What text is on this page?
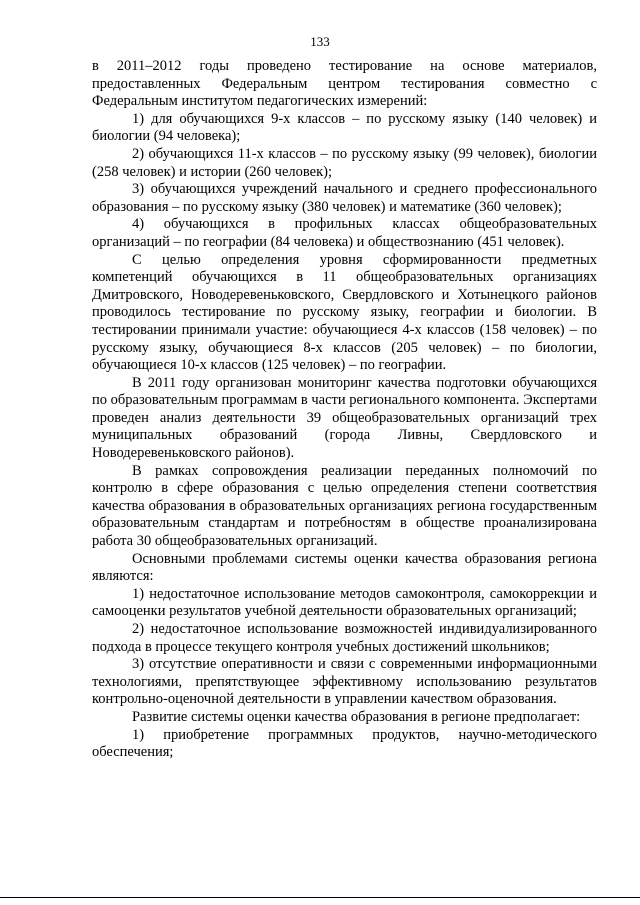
133

в 2011–2012 годы проведено тестирование на основе материалов, предоставленных Федеральным центром тестирования совместно с Федеральным институтом педагогических измерений:

1) для обучающихся 9-х классов – по русскому языку (140 человек) и биологии (94 человека);

2) обучающихся 11-х классов – по русскому языку (99 человек), биологии (258 человек) и истории (260 человек);

3) обучающихся учреждений начального и среднего профессионального образования – по русскому языку (380 человек) и математике (360 человек);

4) обучающихся в профильных классах общеобразовательных организаций – по географии (84 человека) и обществознанию (451 человек).

С целью определения уровня сформированности предметных компетенций обучающихся в 11 общеобразовательных организациях Дмитровского, Новодеревеньковского, Свердловского и Хотынецкого районов проводилось тестирование по русскому языку, географии и биологии. В тестировании принимали участие: обучающиеся 4-х классов (158 человек) – по русскому языку, обучающиеся 8-х классов (205 человек) – по биологии, обучающиеся 10-х классов (125 человек) – по географии.

В 2011 году организован мониторинг качества подготовки обучающихся по образовательным программам в части регионального компонента. Экспертами проведен анализ деятельности 39 общеобразовательных организаций трех муниципальных образований (города Ливны, Свердловского и Новодеревеньковского районов).

В рамках сопровождения реализации переданных полномочий по контролю в сфере образования с целью определения степени соответствия качества образования в образовательных организациях региона государственным образовательным стандартам и потребностям в обществе проанализирована работа 30 общеобразовательных организаций.

Основными проблемами системы оценки качества образования региона являются:

1) недостаточное использование методов самоконтроля, самокоррекции и самооценки результатов учебной деятельности образовательных организаций;

2) недостаточное использование возможностей индивидуализированного подхода в процессе текущего контроля учебных достижений школьников;

3) отсутствие оперативности и связи с современными информационными технологиями, препятствующее эффективному использованию результатов контрольно-оценочной деятельности в управлении качеством образования.

Развитие системы оценки качества образования в регионе предполагает:

1) приобретение программных продуктов, научно-методического обеспечения;
